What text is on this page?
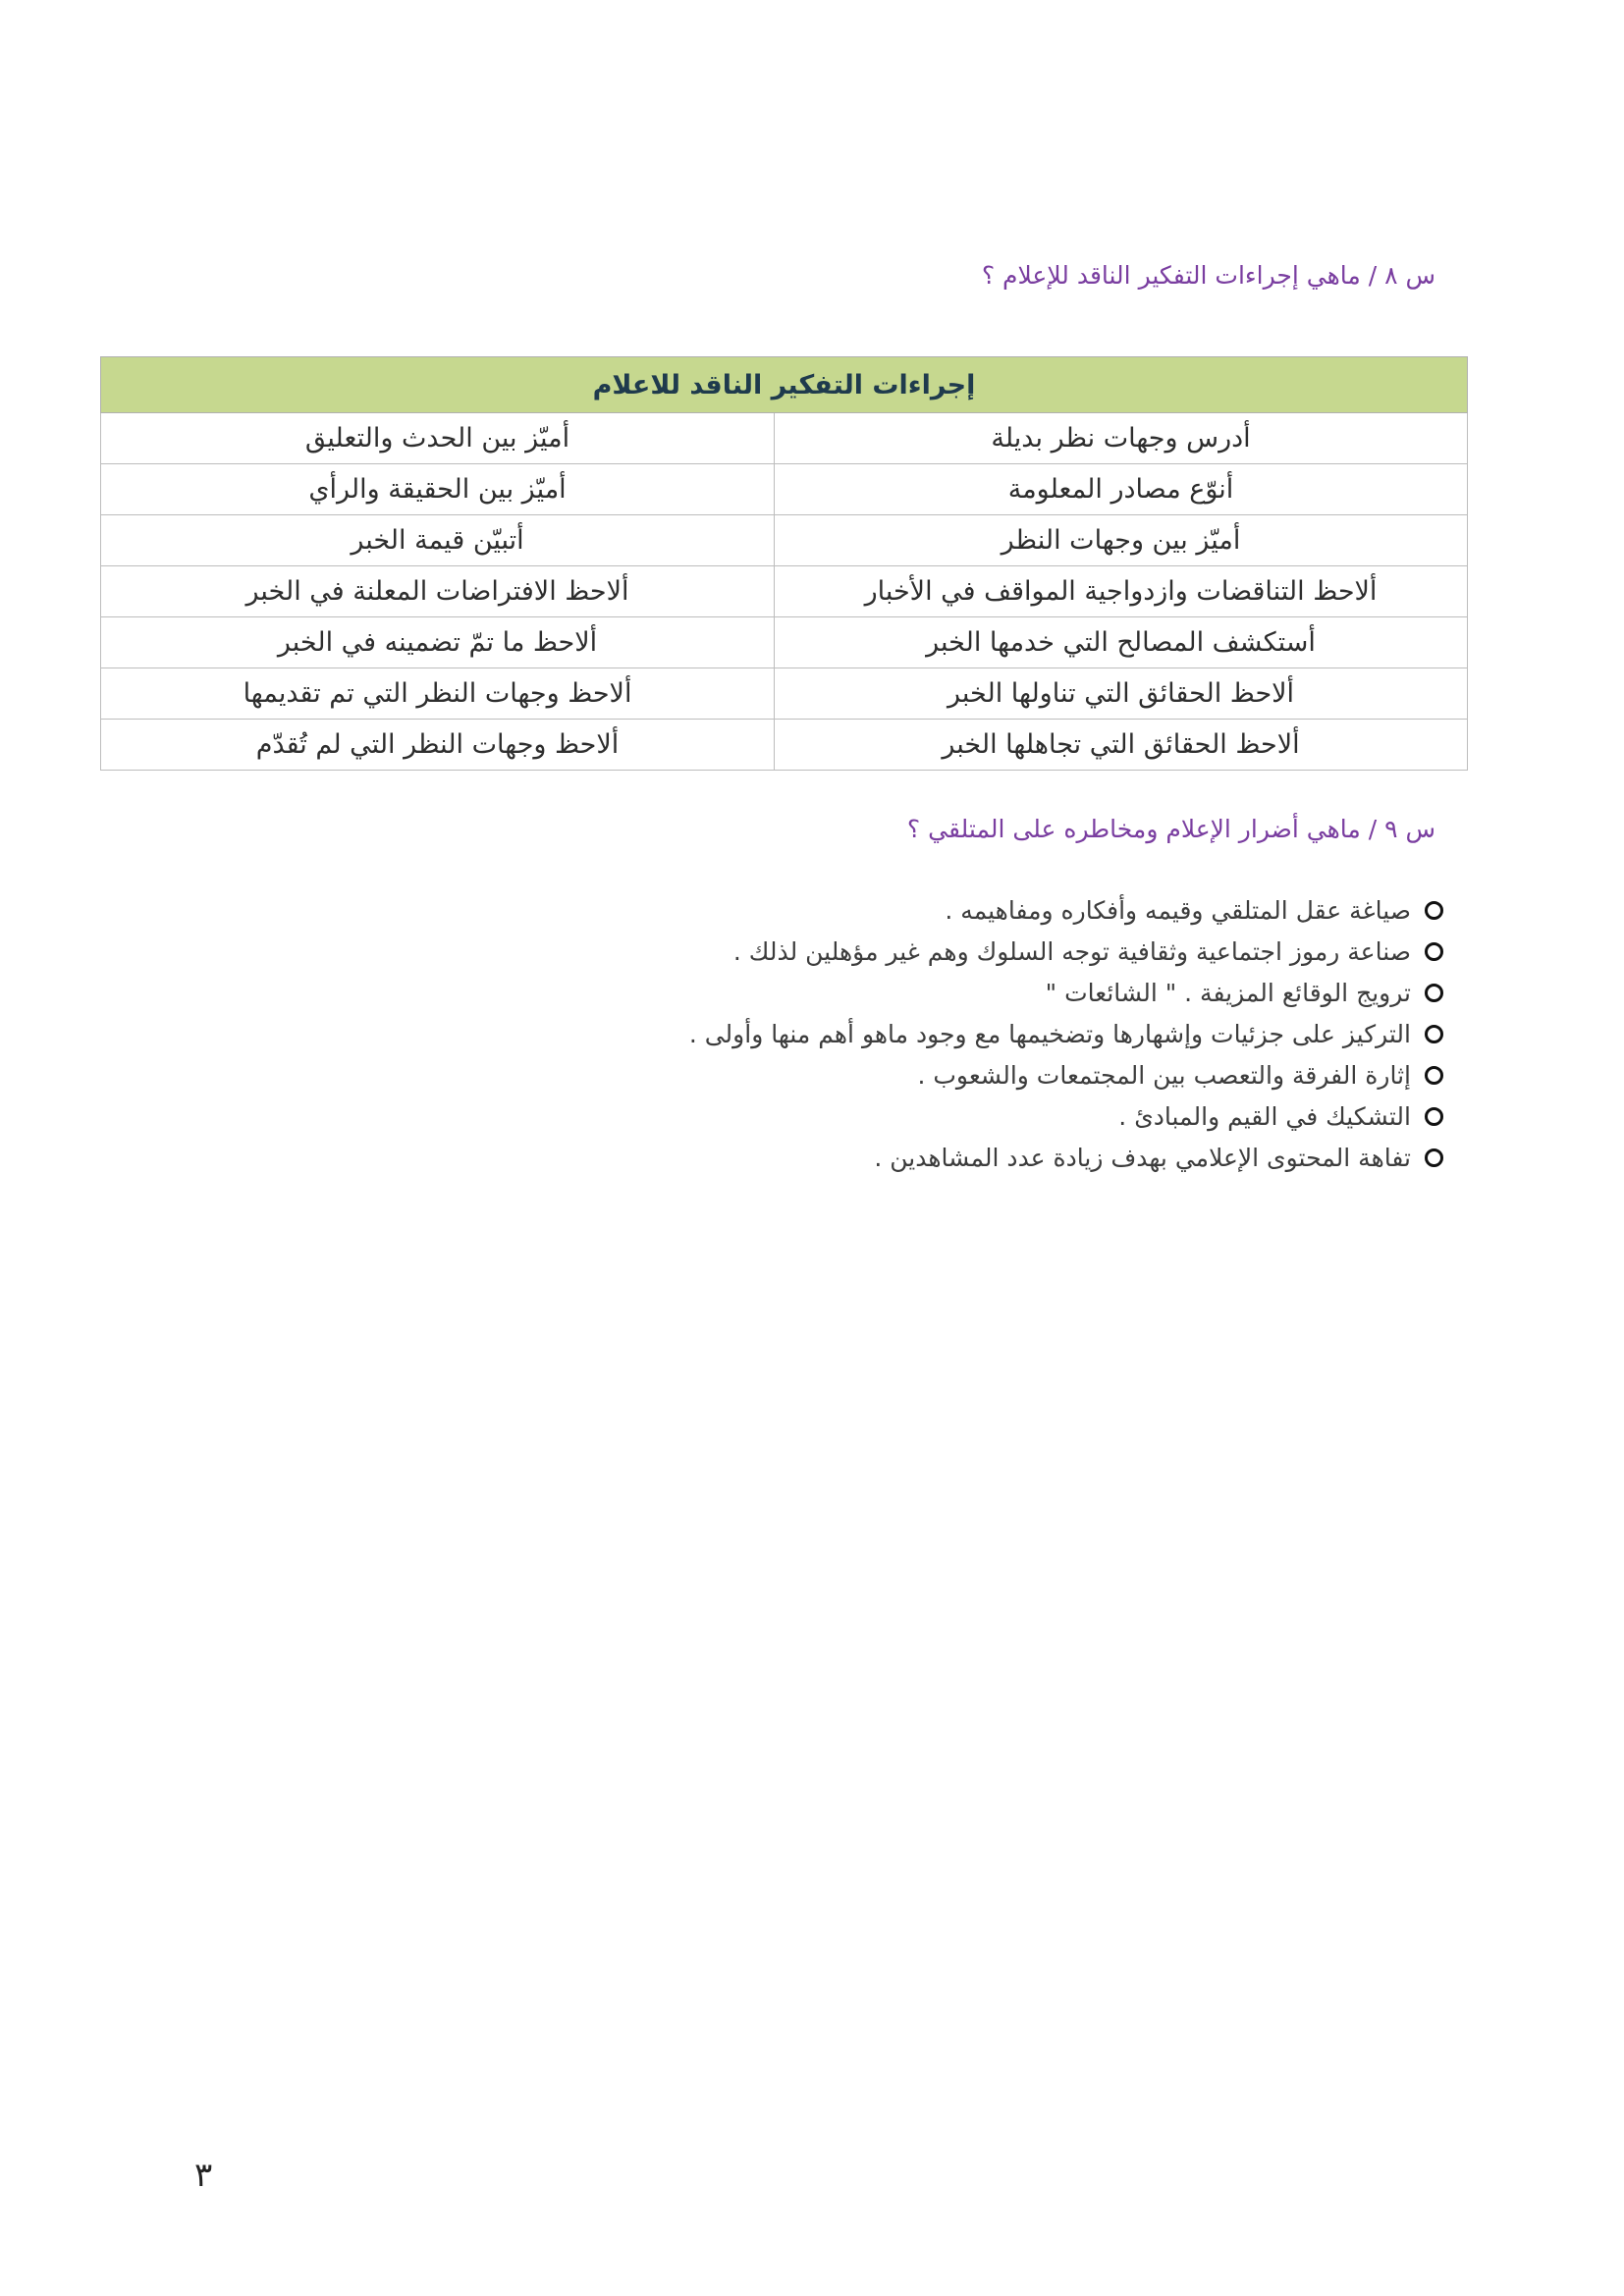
س ٨ / ماهي إجراءات التفكير الناقد للإعلام ؟
إجراءات التفكير الناقد للاعلام	
أدرس وجهات نظر بديلة	أميّز بين الحدث والتعليق
أنوّع مصادر المعلومة	أميّز بين الحقيقة والرأي
أميّز بين وجهات النظر	أتبيّن قيمة الخبر
ألاحظ التناقضات وازدواجية المواقف في الأخبار	ألاحظ الافتراضات المعلنة في الخبر
أستكشف المصالح التي خدمها الخبر	ألاحظ ما تمّ تضمينه في الخبر
ألاحظ الحقائق التي تناولها الخبر	ألاحظ وجهات النظر التي تم تقديمها
ألاحظ الحقائق التي تجاهلها الخبر	ألاحظ وجهات النظر التي لم تُقدّم
س ٩ / ماهي أضرار الإعلام ومخاطره على المتلقي ؟
صياغة عقل المتلقي وقيمه وأفكاره ومفاهيمه .
صناعة رموز اجتماعية وثقافية توجه السلوك وهم غير مؤهلين لذلك .
ترويج الوقائع المزيفة . " الشائعات "
التركيز على جزئيات وإشهارها وتضخيمها مع وجود ماهو أهم منها وأولى .
إثارة الفرقة والتعصب بين المجتمعات والشعوب .
التشكيك في القيم والمبادئ .
تفاهة المحتوى الإعلامي بهدف زيادة عدد المشاهدين .
٣
